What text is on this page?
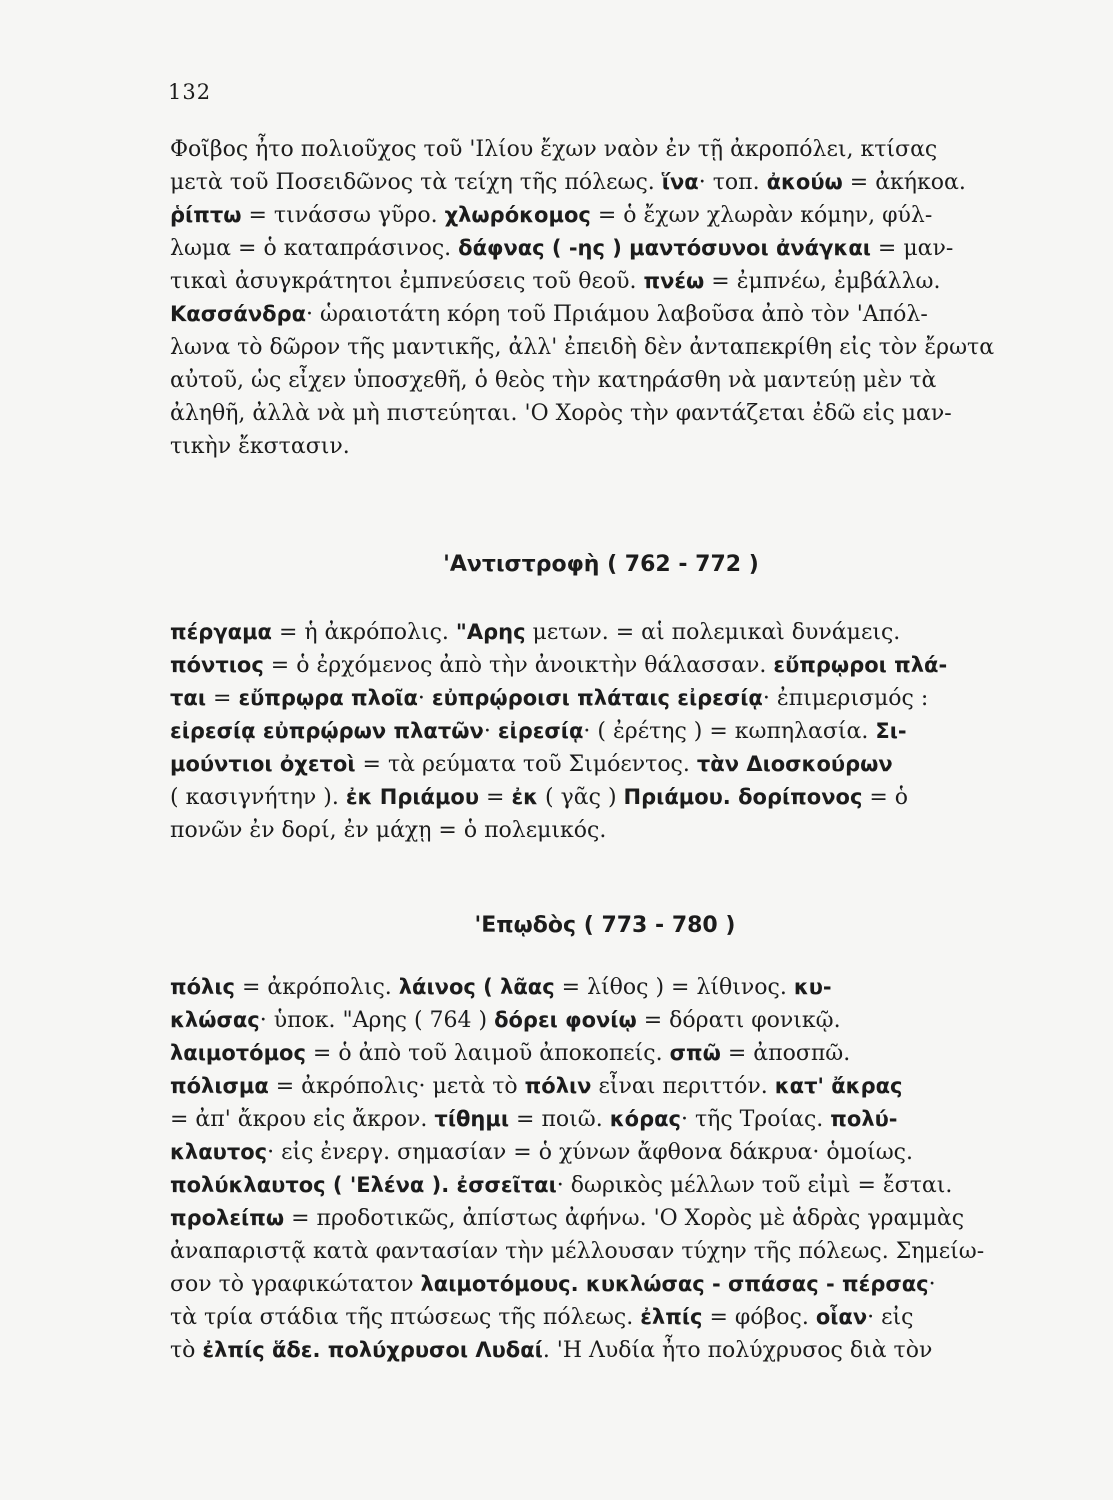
132
Φοῖβος ἦτο πολιοῦχος τοῦ 'Ιλίου ἔχων ναὸν ἐν τῇ ἀκροπόλει, κτίσας
μετὰ τοῦ Ποσειδῶνος τὰ τείχη τῆς πόλεως. ἵνα· τοπ. ἀκούω = ἀκήκοα.
ῥίπτω = τινάσσω γῦρο. χλωρόκομος = ὁ ἔχων χλωρὰν κόμην, φύλ-
λωμα = ὁ καταπράσινος. δάφνας ( -ης ) μαντόσυνοι ἀνάγκαι = μαν-
τικαὶ ἀσυγκράτητοι ἐμπνεύσεις τοῦ θεοῦ. πνέω = ἐμπνέω, ἐμβάλλω.
Κασσάνδρα· ὡραιοτάτη κόρη τοῦ Πριάμου λαβοῦσα ἀπὸ τὸν 'Απόλ-
λωνα τὸ δῶρον τῆς μαντικῆς, ἀλλ' ἐπειδὴ δὲν ἀνταπεκρίθη εἰς τὸν ἔρωτα
αὐτοῦ, ὡς εἶχεν ὑποσχεθῆ, ὁ θεὸς τὴν κατηράσθη νὰ μαντεύῃ μὲν τὰ
ἀληθῆ, ἀλλὰ νὰ μὴ πιστεύηται. 'Ο Χορὸς τὴν φαντάζεται ἐδῶ εἰς μαν-
τικὴν ἔκστασιν.
'Αντιστροφὴ ( 762 - 772 )
πέργαμα = ἡ ἀκρόπολις. "Αρης μετων. = αἱ πολεμικαὶ δυνάμεις.
πόντιος = ὁ ἐρχόμενος ἀπὸ τὴν ἀνοικτὴν θάλασσαν. εὔπρῳροι πλά-
ται = εὔπρῳρα πλοῖα· εὐπρῴροισι πλάταις εἰρεσίᾳ· ἐπιμερισμός :
εἰρεσίᾳ εὐπρῴρων πλατῶν· εἰρεσίᾳ· ( ἐρέτης ) = κωπηλασία. Σι-
μούντιοι ὀχετοὶ = τὰ ρεύματα τοῦ Σιμόεντος. τὰν Διοσκούρων
( κασιγνήτην ). ἐκ Πριάμου = ἐκ ( γᾶς ) Πριάμου. δορίπονος = ὁ
πονῶν ἐν δορί, ἐν μάχῃ = ὁ πολεμικός.
'Επῳδὸς ( 773 - 780 )
πόλις = ἀκρόπολις. λάινος ( λᾶας = λίθος ) = λίθινος. κυ-
κλώσας· ὑποκ. "Αρης ( 764 ) δόρει φονίῳ = δόρατι φονικῷ.
λαιμοτόμος = ὁ ἀπὸ τοῦ λαιμοῦ ἀποκοπείς. σπῶ = ἀποσπῶ.
πόλισμα = ἀκρόπολις· μετὰ τὸ πόλιν εἶναι περιττόν. κατ' ἄκρας
= ἀπ' ἄκρου εἰς ἄκρον. τίθημι = ποιῶ. κόρας· τῆς Τροίας. πολύ-
κλαυτος· εἰς ἐνεργ. σημασίαν = ὁ χύνων ἄφθονα δάκρυα· ὁμοίως.
πολύκλαυτος ( 'Ελένα ). ἐσσεῖται· δωρικὸς μέλλων τοῦ εἰμὶ = ἔσται.
προλείπω = προδοτικῶς, ἀπίστως ἀφήνω. 'Ο Χορὸς μὲ ἁδρὰς γραμμὰς
ἀναπαριστᾷ κατὰ φαντασίαν τὴν μέλλουσαν τύχην τῆς πόλεως. Σημείω-
σον τὸ γραφικώτατον λαιμοτόμους. κυκλώσας - σπάσας - πέρσας·
τὰ τρία στάδια τῆς πτώσεως τῆς πόλεως. ἐλπίς = φόβος. οἷαν· εἰς
τὸ ἐλπίς ἅδε. πολύχρυσοι Λυδαί. 'Η Λυδία ἦτο πολύχρυσος διὰ τὸν
